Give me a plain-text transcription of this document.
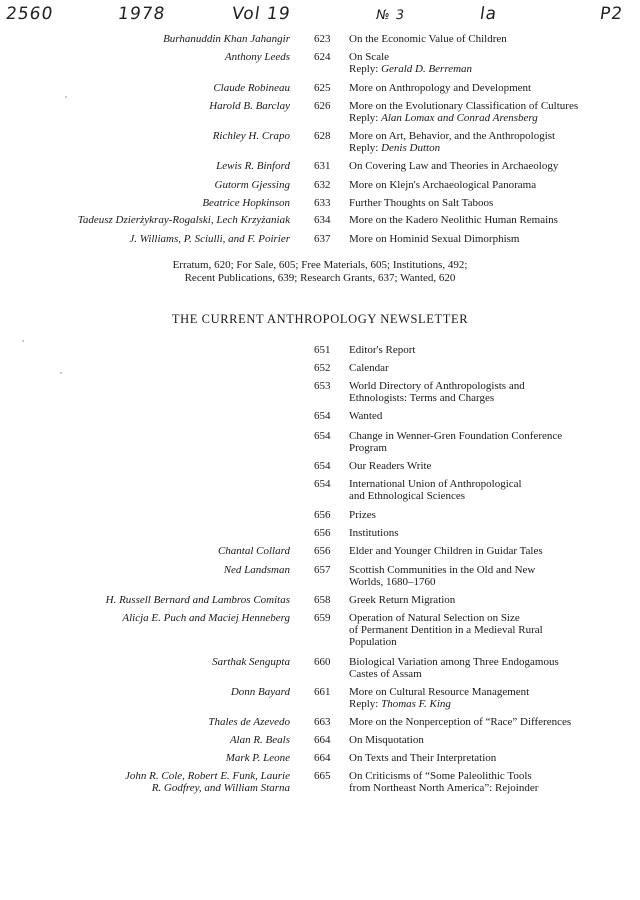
2560	1978	Vol 19	№ 3	la	P2
Burhanuddin Khan Jahangir 623	On the Economic Value of Children
Anthony Leeds 624	On Scale
Reply: Gerald D. Berreman
Claude Robineau 625	More on Anthropology and Development
Harold B. Barclay 626	More on the Evolutionary Classification of Cultures
Reply: Alan Lomax and Conrad Arensberg
Richley H. Crapo 628	More on Art, Behavior, and the Anthropologist
Reply: Denis Dutton
Lewis R. Binford 631	On Covering Law and Theories in Archaeology
Gutorm Gjessing 632	More on Klejn's Archaeological Panorama
Beatrice Hopkinson 633	Further Thoughts on Salt Taboos
Tadeusz Dzierżykray-Rogalski, Lech Krzyżaniak 634	More on the Kadero Neolithic Human Remains
J. Williams, P. Sciulli, and F. Poirier 637	More on Hominid Sexual Dimorphism
Erratum, 620; For Sale, 605; Free Materials, 605; Institutions, 492;
Recent Publications, 639; Research Grants, 637; Wanted, 620
THE CURRENT ANTHROPOLOGY NEWSLETTER
651	Editor's Report
652	Calendar
653	World Directory of Anthropologists and
Ethnologists: Terms and Charges
654	Wanted
654	Change in Wenner-Gren Foundation Conference
Program
654	Our Readers Write
654	International Union of Anthropological
and Ethnological Sciences
656	Prizes
656	Institutions
Chantal Collard 656	Elder and Younger Children in Guidar Tales
Ned Landsman 657	Scottish Communities in the Old and New
Worlds, 1680–1760
H. Russell Bernard and Lambros Comitas 658	Greek Return Migration
Alicja E. Puch and Maciej Henneberg 659	Operation of Natural Selection on Size
of Permanent Dentition in a Medieval Rural
Population
Sarthak Sengupta 660	Biological Variation among Three Endogamous
Castes of Assam
Donn Bayard 661	More on Cultural Resource Management
Reply: Thomas F. King
Thales de Azevedo 663	More on the Nonperception of “Race” Differences
Alan R. Beals 664	On Misquotation
Mark P. Leone 664	On Texts and Their Interpretation
John R. Cole, Robert E. Funk, Laurie
R. Godfrey, and William Starna
665	On Criticisms of “Some Paleolithic Tools
from Northeast North America”: Rejoinder
